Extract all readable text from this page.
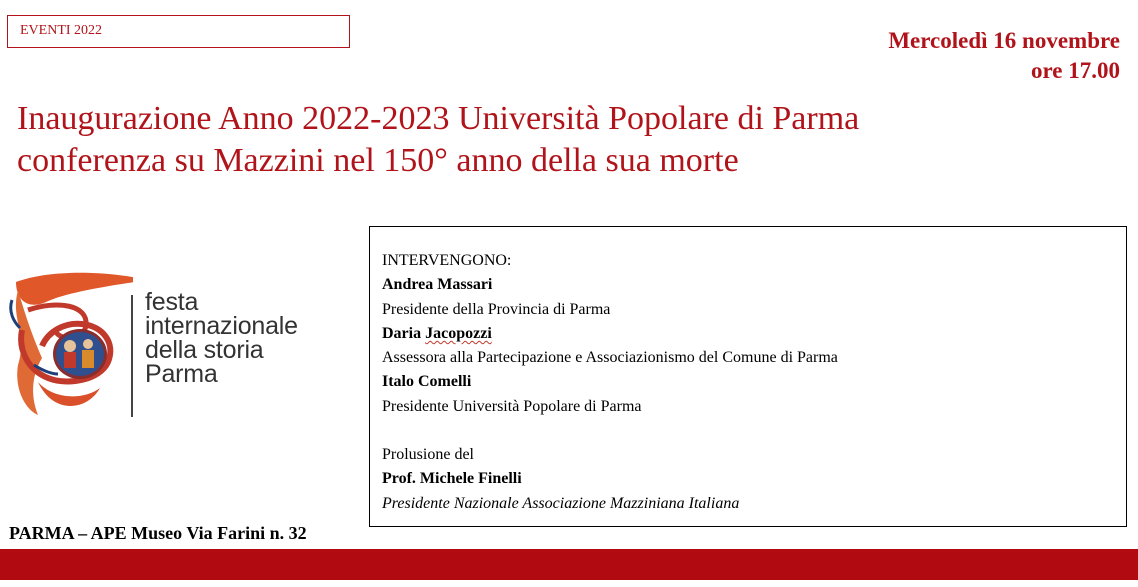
EVENTI 2022	Mercoledì 16 novembre
ore 17.00
Inaugurazione Anno 2022-2023 Università Popolare di Parma
conferenza su Mazzini nel 150° anno della sua morte
festa
internazionale
della storia
Parma
INTERVENGONO:
Andrea Massari
Presidente della Provincia di Parma
Daria Jacopozzi
Assessora alla Partecipazione e Associazionismo del Comune di Parma
Italo Comelli
Presidente Università Popolare di Parma
Prolusione del
Prof. Michele Finelli
Presidente Nazionale Associazione Mazziniana Italiana
PARMA – APE Museo Via Farini n. 32
